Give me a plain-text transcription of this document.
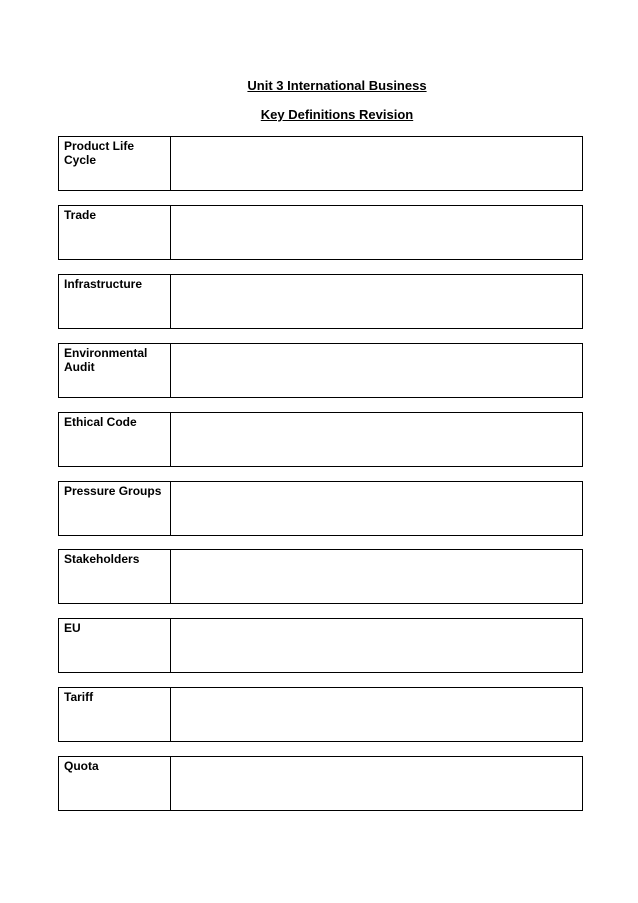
Unit 3 International Business
Key Definitions Revision
Product Life Cycle
Trade
Infrastructure
Environmental Audit
Ethical Code
Pressure Groups
Stakeholders
EU
Tariff
Quota
